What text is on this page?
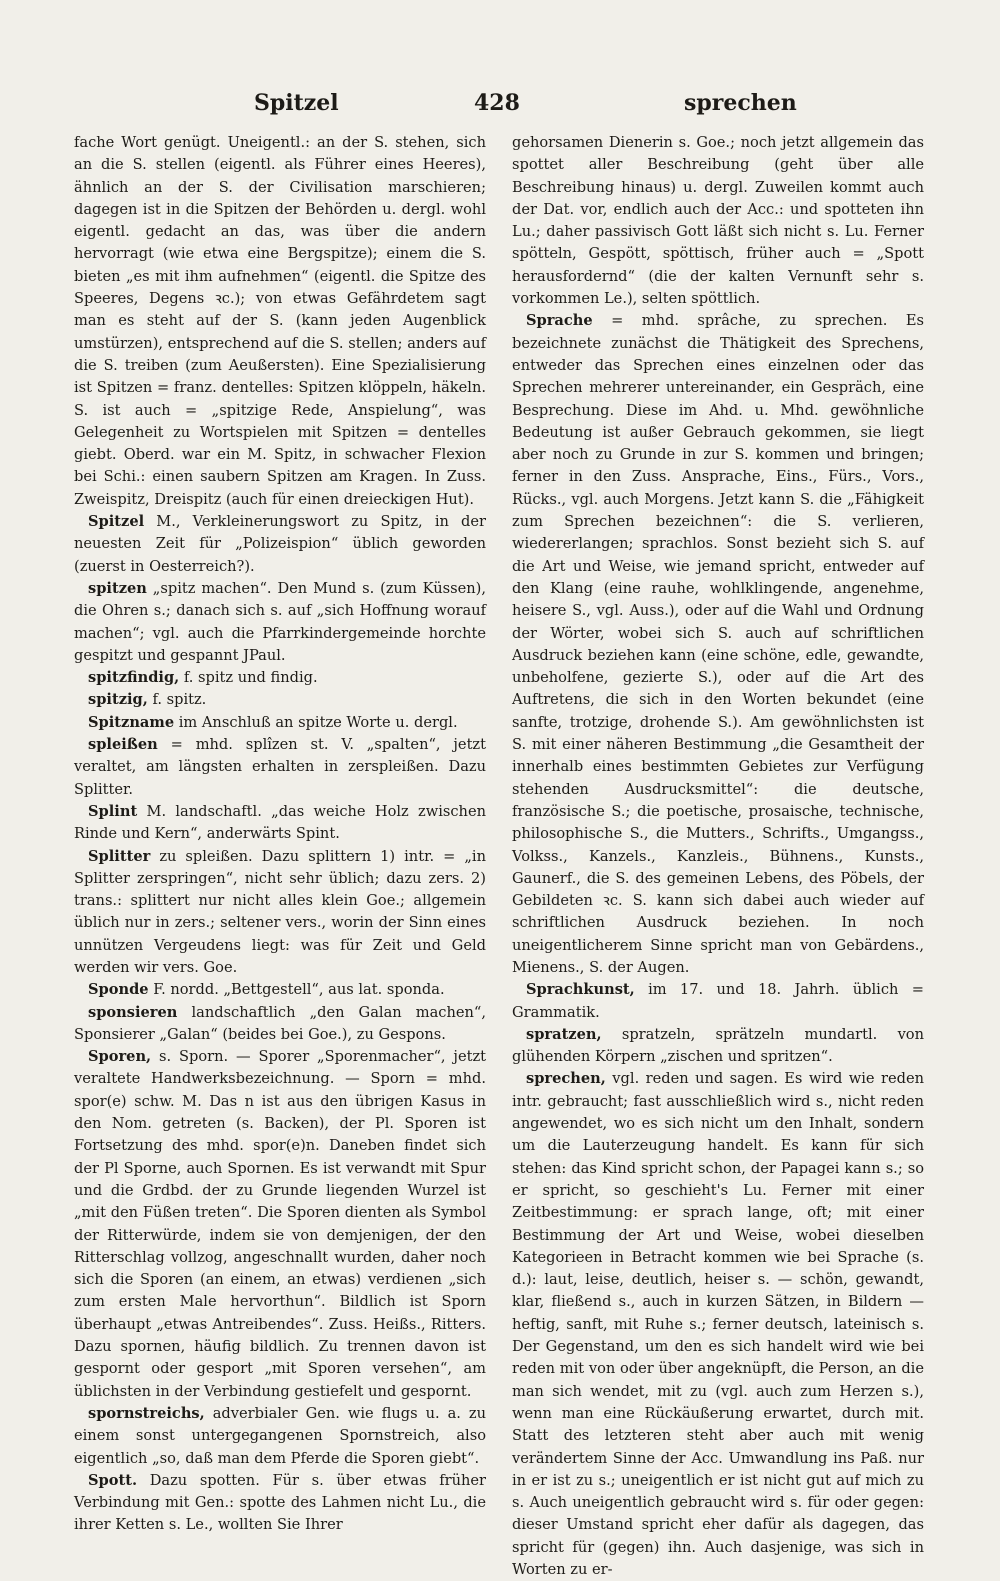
Spitzel	428	sprechen

fache Wort genügt. Uneigentl.: an der S. stehen, sich an die S. stellen (eigentl. als Führer eines Heeres), ähnlich an der S. der Civilisation marschieren; dagegen ist in die Spitzen der Behörden u. dergl. wohl eigentl. gedacht an das, was über die andern hervorragt (wie etwa eine Bergspitze); einem die S. bieten „es mit ihm aufnehmen“ (eigentl. die Spitze des Speeres, Degens ꝛc.); von etwas Gefährdetem sagt man es steht auf der S. (kann jeden Augenblick umstürzen), entsprechend auf die S. stellen; anders auf die S. treiben (zum Aeußersten). Eine Spezialisierung ist Spitzen = franz. dentelles: Spitzen klöppeln, häkeln. S. ist auch = „spitzige Rede, Anspielung“, was Gelegenheit zu Wortspielen mit Spitzen = dentelles giebt. Oberd. war ein M. Spitz, in schwacher Flexion bei Schi.: einen saubern Spitzen am Kragen. In Zuss. Zweispitz, Dreispitz (auch für einen dreieckigen Hut).

Spitzel M., Verkleinerungswort zu Spitz, in der neuesten Zeit für „Polizeispion“ üblich geworden (zuerst in Oesterreich?).

spitzen „spitz machen“. Den Mund s. (zum Küssen), die Ohren s.; danach sich s. auf „sich Hoffnung worauf machen“; vgl. auch die Pfarrkindergemeinde horchte gespitzt und gespannt JPaul.

spitzfindig, f. spitz und findig.

spitzig, f. spitz.

Spitzname im Anschluß an spitze Worte u. dergl.

spleißen = mhd. splîzen st. V. „spalten“, jetzt veraltet, am längsten erhalten in zerspleißen. Dazu Splitter.

Splint M. landschaftl. „das weiche Holz zwischen Rinde und Kern“, anderwärts Spint.

Splitter zu spleißen. Dazu splittern 1) intr. = „in Splitter zerspringen“, nicht sehr üblich; dazu zers. 2) trans.: splittert nur nicht alles klein Goe.; allgemein üblich nur in zers.; seltener vers., worin der Sinn eines unnützen Vergeudens liegt: was für Zeit und Geld werden wir vers. Goe.

Sponde F. nordd. „Bettgestell“, aus lat. sponda.

sponsieren landschaftlich „den Galan machen“, Sponsierer „Galan“ (beides bei Goe.), zu Gespons.

Sporen, s. Sporn. — Sporer „Sporenmacher“, jetzt veraltete Handwerksbezeichnung. — Sporn = mhd. spor(e) schw. M. Das n ist aus den übrigen Kasus in den Nom. getreten (s. Backen), der Pl. Sporen ist Fortsetzung des mhd. spor(e)n. Daneben findet sich der Pl Sporne, auch Spornen. Es ist verwandt mit Spur und die Grdbd. der zu Grunde liegenden Wurzel ist „mit den Füßen treten“. Die Sporen dienten als Symbol der Ritterwürde, indem sie von demjenigen, der den Ritterschlag vollzog, angeschnallt wurden, daher noch sich die Sporen (an einem, an etwas) verdienen „sich zum ersten Male hervorthun“. Bildlich ist Sporn überhaupt „etwas Antreibendes“. Zuss. Heißs., Ritters. Dazu spornen, häufig bildlich. Zu trennen davon ist gespornt oder gesport „mit Sporen versehen“, am üblichsten in der Verbindung gestiefelt und gespornt.

spornstreichs, adverbialer Gen. wie flugs u. a. zu einem sonst untergegangenen Spornstreich, also eigentlich „so, daß man dem Pferde die Sporen giebt“.

Spott. Dazu spotten. Für s. über etwas früher Verbindung mit Gen.: spotte des Lahmen nicht Lu., die ihrer Ketten s. Le., wollten Sie Ihrer

gehorsamen Dienerin s. Goe.; noch jetzt allgemein das spottet aller Beschreibung (geht über alle Beschreibung hinaus) u. dergl. Zuweilen kommt auch der Dat. vor, endlich auch der Acc.: und spotteten ihn Lu.; daher passivisch Gott läßt sich nicht s. Lu. Ferner spötteln, Gespött, spöttisch, früher auch = „Spott herausfordernd“ (die der kalten Vernunft sehr s. vorkommen Le.), selten spöttlich.

Sprache = mhd. sprâche, zu sprechen. Es bezeichnete zunächst die Thätigkeit des Sprechens, entweder das Sprechen eines einzelnen oder das Sprechen mehrerer untereinander, ein Gespräch, eine Besprechung. Diese im Ahd. u. Mhd. gewöhnliche Bedeutung ist außer Gebrauch gekommen, sie liegt aber noch zu Grunde in zur S. kommen und bringen; ferner in den Zuss. Ansprache, Eins., Fürs., Vors., Rücks., vgl. auch Morgens. Jetzt kann S. die „Fähigkeit zum Sprechen bezeichnen“: die S. verlieren, wiedererlangen; sprachlos. Sonst bezieht sich S. auf die Art und Weise, wie jemand spricht, entweder auf den Klang (eine rauhe, wohlklingende, angenehme, heisere S., vgl. Auss.), oder auf die Wahl und Ordnung der Wörter, wobei sich S. auch auf schriftlichen Ausdruck beziehen kann (eine schöne, edle, gewandte, unbeholfene, gezierte S.), oder auf die Art des Auftretens, die sich in den Worten bekundet (eine sanfte, trotzige, drohende S.). Am gewöhnlichsten ist S. mit einer näheren Bestimmung „die Gesamtheit der innerhalb eines bestimmten Gebietes zur Verfügung stehenden Ausdrucksmittel“: die deutsche, französische S.; die poetische, prosaische, technische, philosophische S., die Mutters., Schrifts., Umgangss., Volkss., Kanzels., Kanzleis., Bühnens., Kunsts., Gaunerf., die S. des gemeinen Lebens, des Pöbels, der Gebildeten ꝛc. S. kann sich dabei auch wieder auf schriftlichen Ausdruck beziehen. In noch uneigentlicherem Sinne spricht man von Gebärdens., Mienens., S. der Augen.

Sprachkunst, im 17. und 18. Jahrh. üblich = Grammatik.

spratzen, spratzeln, sprätzeln mundartl. von glühenden Körpern „zischen und spritzen“.

sprechen, vgl. reden und sagen. Es wird wie reden intr. gebraucht; fast ausschließlich wird s., nicht reden angewendet, wo es sich nicht um den Inhalt, sondern um die Lauterzeugung handelt. Es kann für sich stehen: das Kind spricht schon, der Papagei kann s.; so er spricht, so geschieht's Lu. Ferner mit einer Zeitbestimmung: er sprach lange, oft; mit einer Bestimmung der Art und Weise, wobei dieselben Kategorieen in Betracht kommen wie bei Sprache (s. d.): laut, leise, deutlich, heiser s. — schön, gewandt, klar, fließend s., auch in kurzen Sätzen, in Bildern — heftig, sanft, mit Ruhe s.; ferner deutsch, lateinisch s. Der Gegenstand, um den es sich handelt wird wie bei reden mit von oder über angeknüpft, die Person, an die man sich wendet, mit zu (vgl. auch zum Herzen s.), wenn man eine Rückäußerung erwartet, durch mit. Statt des letzteren steht aber auch mit wenig verändertem Sinne der Acc. Umwandlung ins Paß. nur in er ist zu s.; uneigentlich er ist nicht gut auf mich zu s. Auch uneigentlich gebraucht wird s. für oder gegen: dieser Umstand spricht eher dafür als dagegen, das spricht für (gegen) ihn. Auch dasjenige, was sich in Worten zu er-
